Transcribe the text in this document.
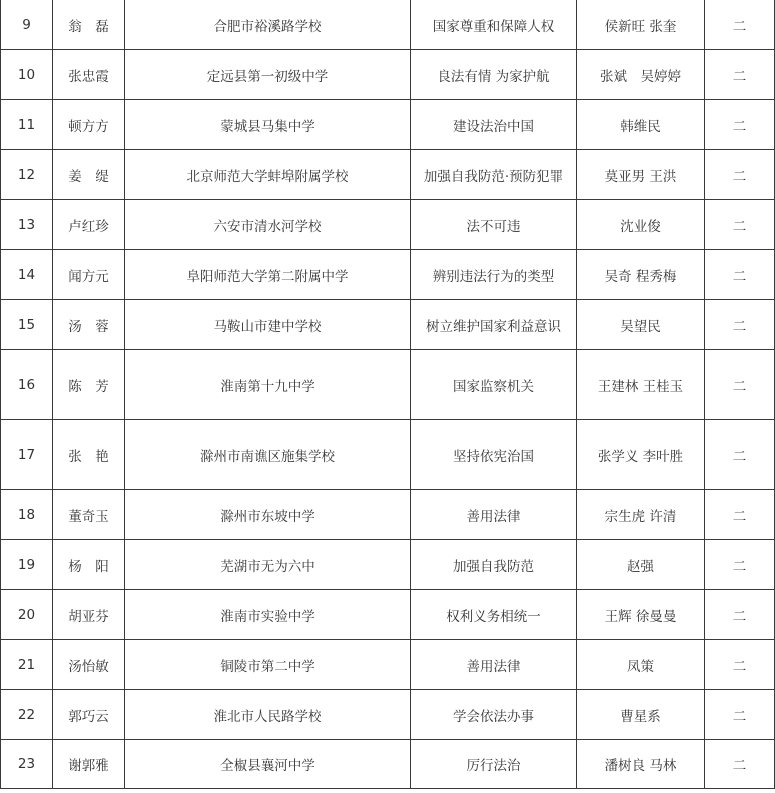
9	翁　磊	合肥市裕溪路学校	国家尊重和保障人权	侯新旺 张奎	二
10	张忠霞	定远县第一初级中学	良法有情 为家护航	张斌　吴婷婷	二
11	顿方方	蒙城县马集中学	建设法治中国	韩维民	二
12	姜　缇	北京师范大学蚌埠附属学校	加强自我防范·预防犯罪	莫亚男 王洪	二
13	卢红珍	六安市清水河学校	法不可违	沈业俊	二
14	闻方元	阜阳师范大学第二附属中学	辨别违法行为的类型	吴奇 程秀梅	二
15	汤　蓉	马鞍山市建中学校	树立维护国家利益意识	吴望民	二
16	陈　芳	淮南第十九中学	国家监察机关	王建林 王桂玉	二
17	张　艳	滁州市南谯区施集学校	坚持依宪治国	张学义 李叶胜	二
18	董奇玉	滁州市东坡中学	善用法律	宗生虎 许清	二
19	杨　阳	芜湖市无为六中	加强自我防范	赵强	二
20	胡亚芬	淮南市实验中学	权利义务相统一	王辉 徐曼曼	二
21	汤怡敏	铜陵市第二中学	善用法律	凤策	二
22	郭巧云	淮北市人民路学校	学会依法办事	曹星系	二
23	谢郭雅	全椒县襄河中学	厉行法治	潘树良 马林	二
